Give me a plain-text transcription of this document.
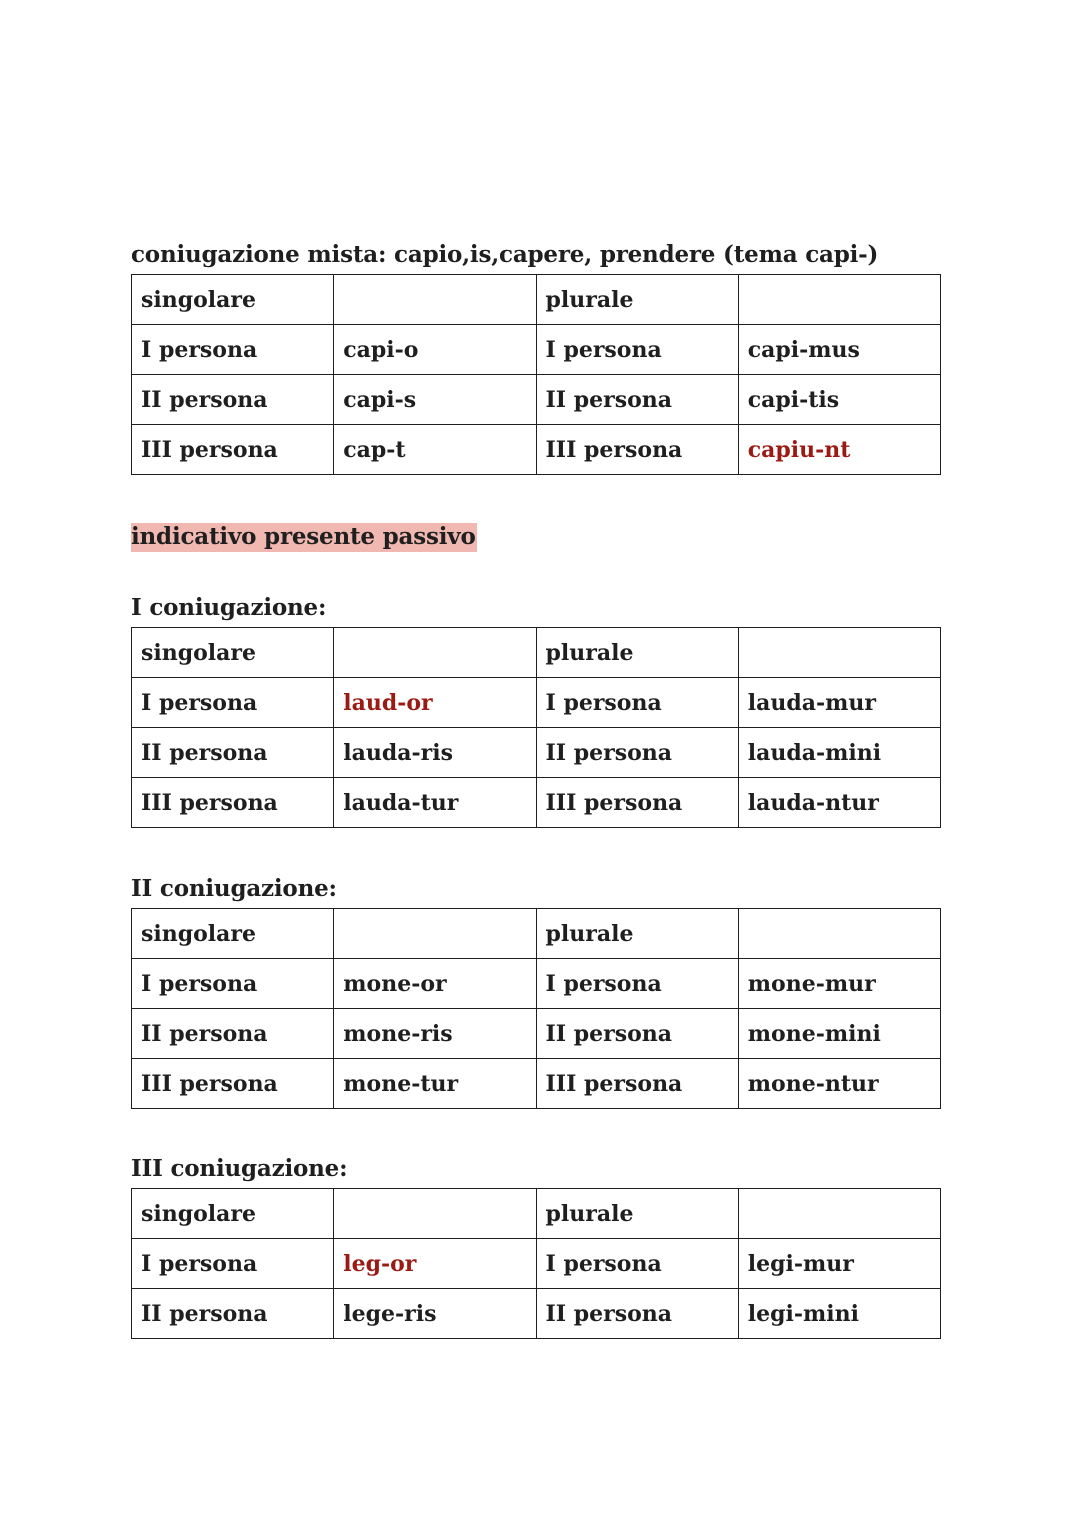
coniugazione mista: capio,is,capere, prendere (tema capi-)
singolare		plurale	
I persona	capi-o	I persona	capi-mus
II persona	capi-s	II persona	capi-tis
III persona	cap-t	III persona	capiu-nt
indicativo presente passivo
I coniugazione:
singolare		plurale	
I persona	laud-or	I persona	lauda-mur
II persona	lauda-ris	II persona	lauda-mini
III persona	lauda-tur	III persona	lauda-ntur
II coniugazione:
singolare		plurale	
I persona	mone-or	I persona	mone-mur
II persona	mone-ris	II persona	mone-mini
III persona	mone-tur	III persona	mone-ntur
III coniugazione:
singolare		plurale	
I persona	leg-or	I persona	legi-mur
II persona	lege-ris	II persona	legi-mini
